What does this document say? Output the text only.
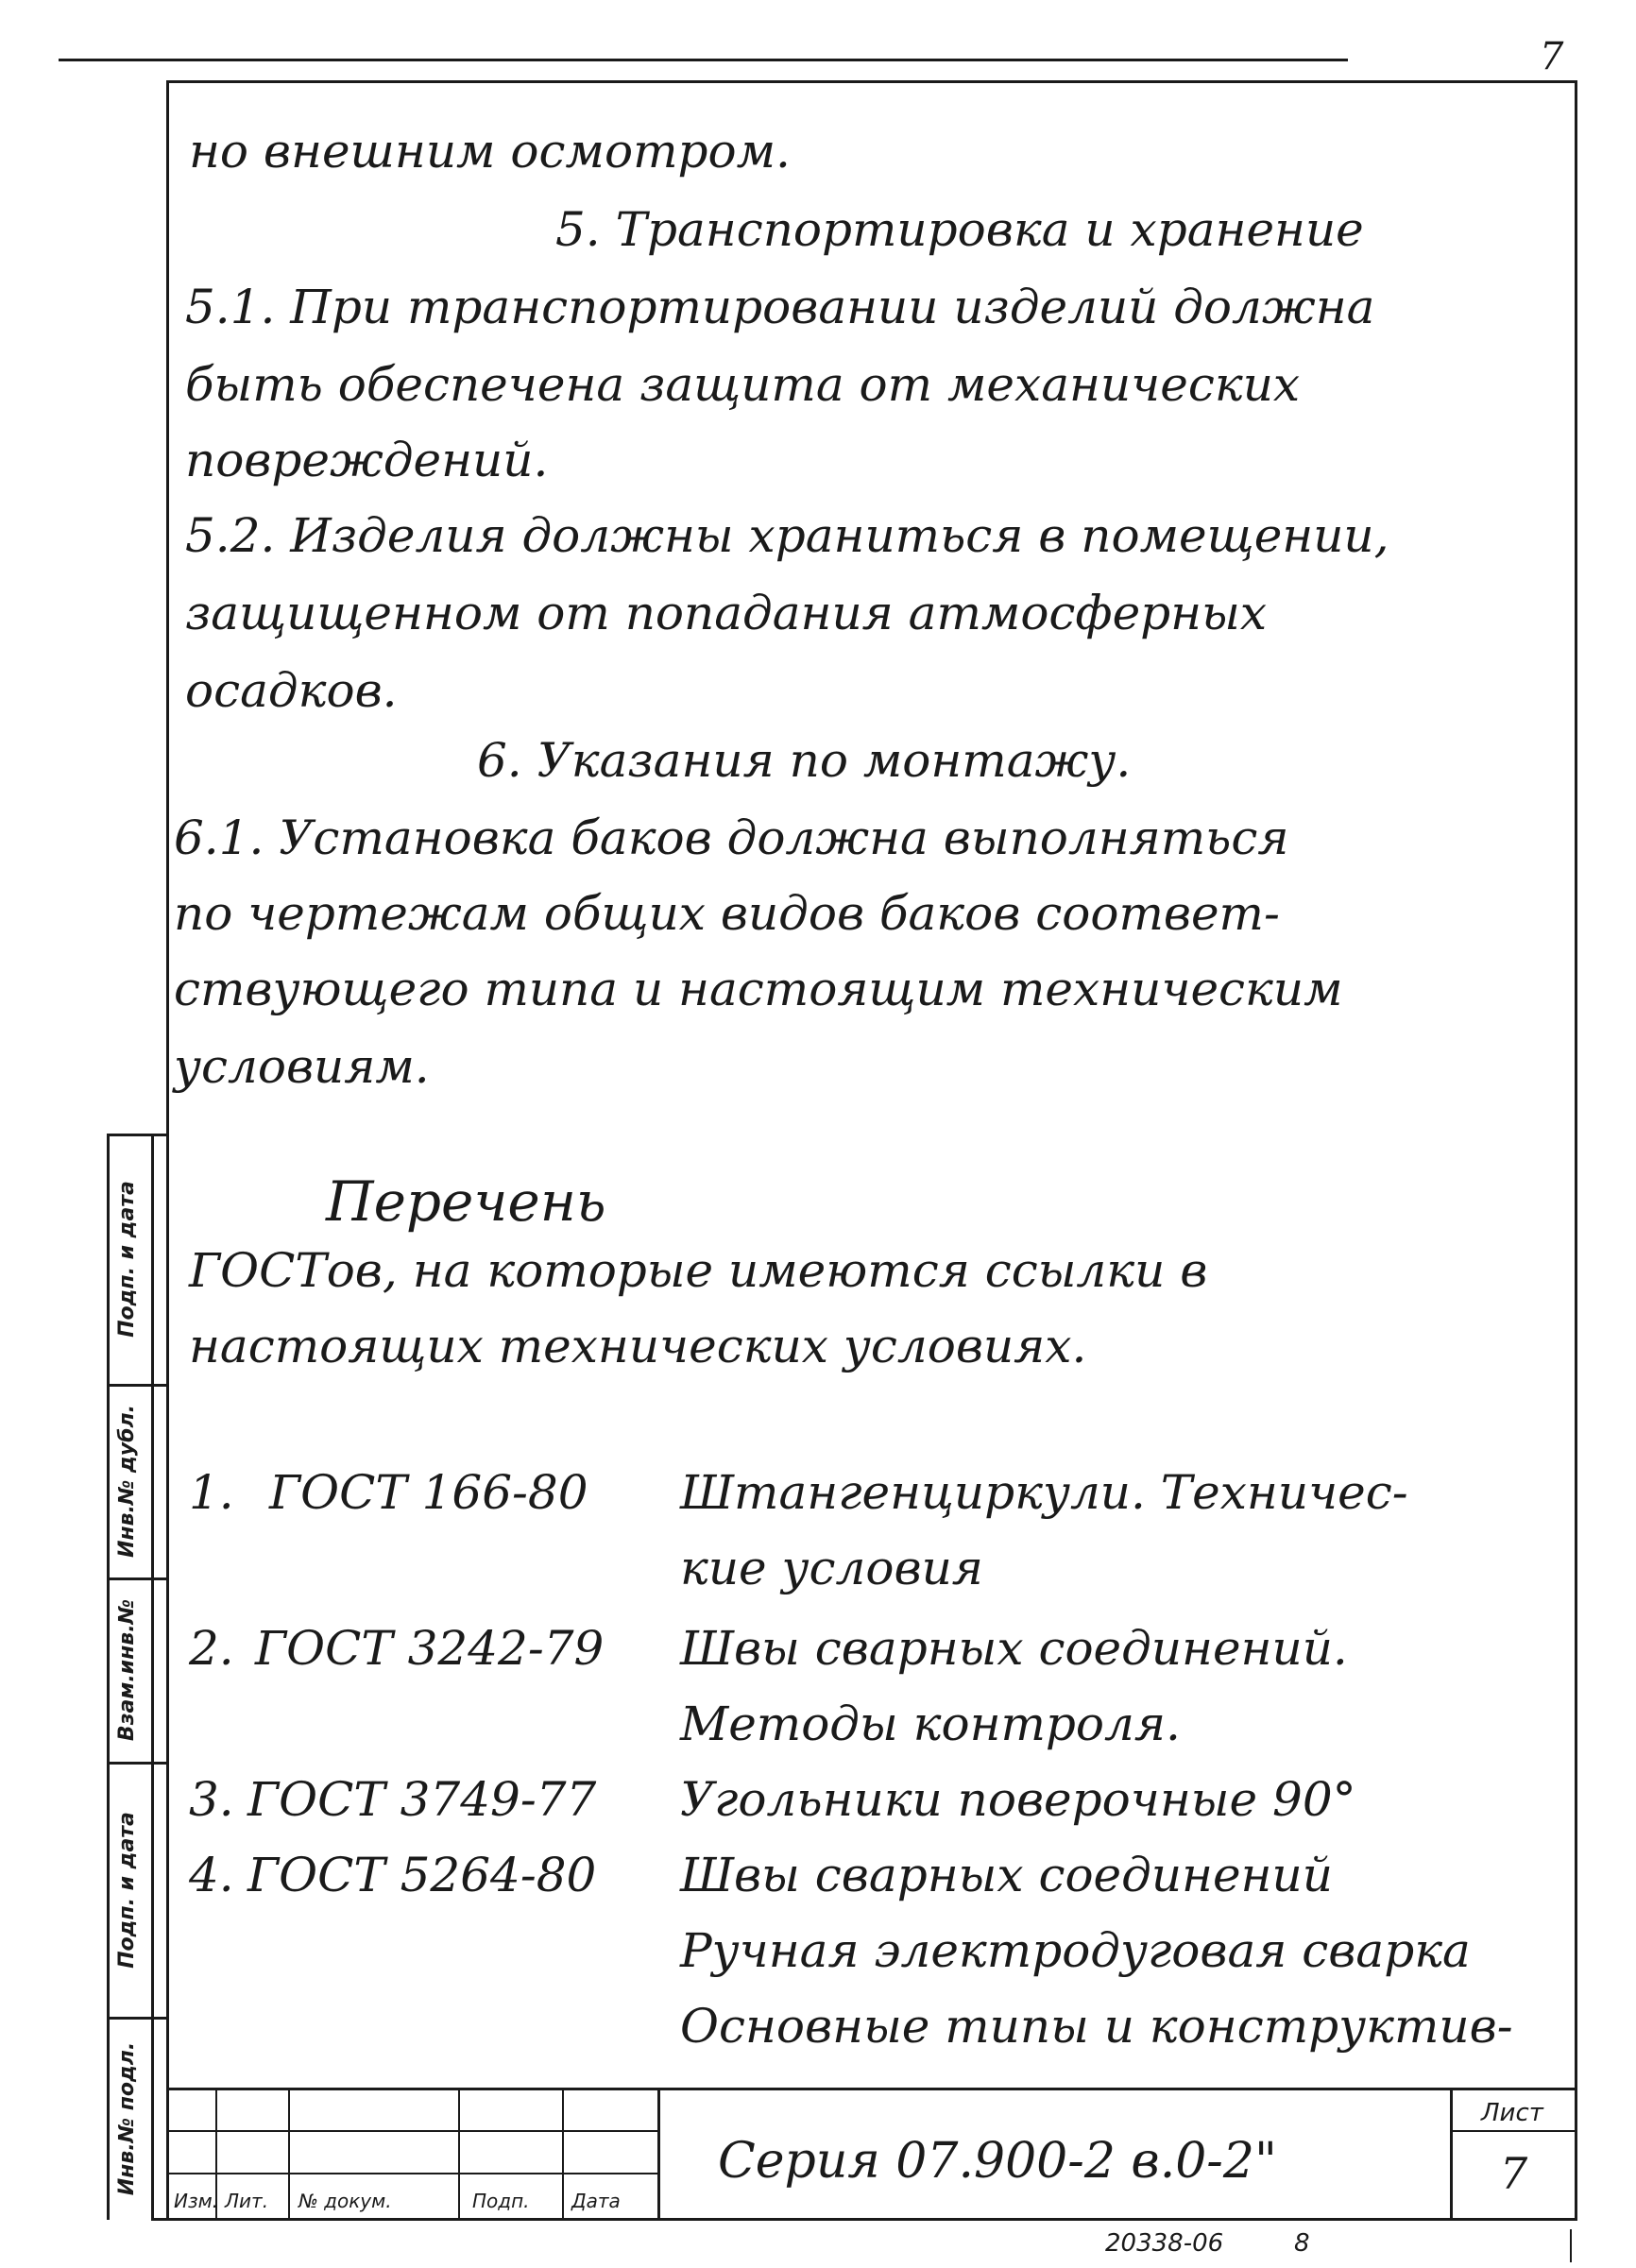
7
но внешним осмотром.
5. Транспортировка и хранение
5.1. При транспортировании изделий должна
быть обеспечена защита от механических
повреждений.
5.2. Изделия должны храниться в помещении,
защищенном от попадания атмосферных
осадков.
6. Указания по монтажу.
6.1. Установка баков должна выполняться
по чертежам общих видов баков соответ-
ствующего типа и настоящим техническим
условиям.
Перечень
ГОСТов, на которые имеются ссылки в
настоящих технических условиях.
1. ГОСТ 166-80 Штангенциркули. Техничес-
кие условия
2. ГОСТ 3242-79 Швы сварных соединений.
Методы контроля.
3. ГОСТ 3749-77 Угольники поверочные 90°
4. ГОСТ 5264-80 Швы сварных соединений
Ручная электродуговая сварка
Основные типы и конструктив-
Инв.№ подл.
Подп. и дата
Взам.инв.№
Инв.№ дубл.
Подп. и дата
Изм. Лит. № докум.	Подп. Дата
Серия 07.900-2 в.0-2"
Лист
7
20338-06	8
